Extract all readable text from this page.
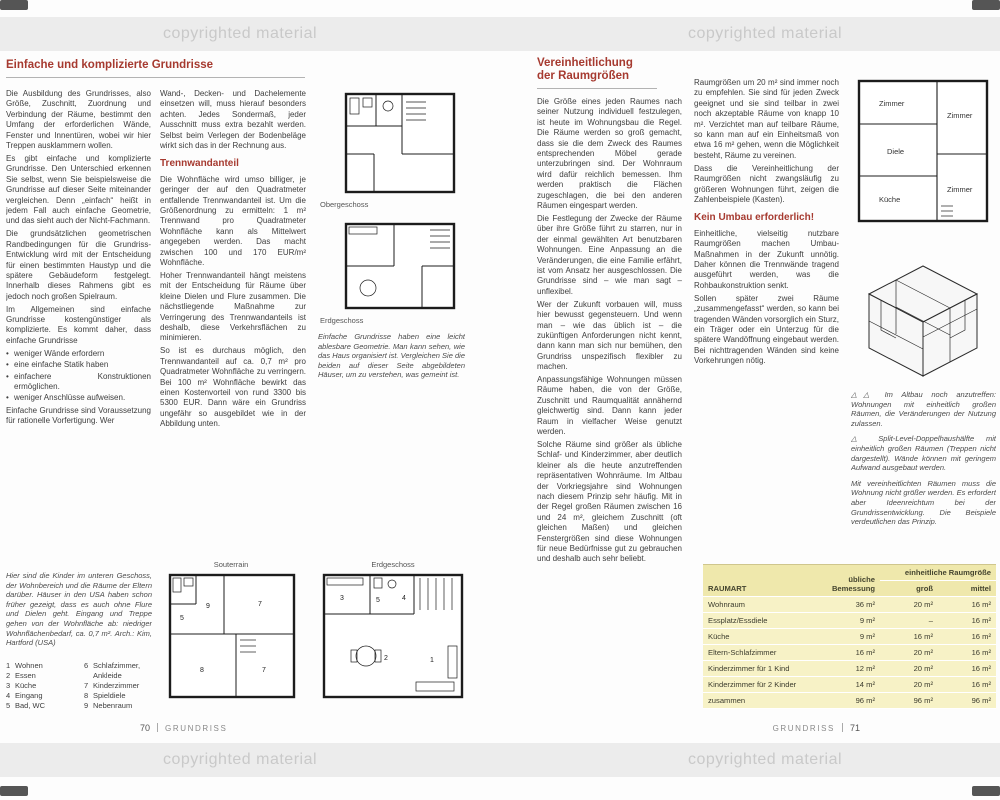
copyrighted material	copyrighted material
copyrighted material	copyrighted material
Einfache und komplizierte Grundrisse

Die Ausbildung des Grundrisses, also Größe, Zuschnitt, Zuordnung und Verbindung der Räume, bestimmt den Umfang der erforderlichen Wände, Fenster und Innentüren, wobei wir hier Treppen ausklammern wollen.

Es gibt einfache und komplizierte Grundrisse. Den Unterschied erkennen Sie selbst, wenn Sie beispielsweise die Grundrisse auf dieser Seite miteinander vergleichen. Denn „einfach“ heißt in jedem Fall auch einfache Geometrie, und das sieht auch der Nicht-Fachmann.

Die grundsätzlichen geometrischen Randbedingungen für die Grundriss-Entwicklung wird mit der Entscheidung für einen bestimmten Haustyp und die spätere Gebäudeform festgelegt. Innerhalb dieses Rahmens gibt es jedoch noch großen Spielraum.

Im Allgemeinen sind einfache Grundrisse kostengünstiger als komplizierte. Es kommt daher, dass einfache Grundrisse

• weniger Wände erfordern
• eine einfache Statik haben
• einfachere Konstruktionen ermöglichen.
• weniger Anschlüsse aufweisen.

Einfache Grundrisse sind Voraussetzung für rationelle Vorfertigung. Wer

Wand-, Decken- und Dachelemente einsetzen will, muss hierauf besonders achten. Jedes Sondermaß, jeder Ausschnitt muss extra bezahlt werden. Selbst beim Verlegen der Bodenbeläge wirkt sich das in der Rechnung aus.

Trennwandanteil

Die Wohnfläche wird umso billiger, je geringer der auf den Quadratmeter entfallende Trennwandanteil ist. Um die Größenordnung zu ermitteln: 1 m² Trennwand pro Quadratmeter Wohnfläche kann als Mittelwert angegeben werden. Das macht zwischen 100 und 170 EUR/m² Wohnfläche.

Hoher Trennwandanteil hängt meistens mit der Entscheidung für Räume über kleine Dielen und Flure zusammen. Die nächstliegende Maßnahme zur Verringerung des Trennwandanteils ist deshalb, diese Verkehrsflächen zu minimieren.

So ist es durchaus möglich, den Trennwandanteil auf ca. 0,7 m² pro Quadratmeter Wohnfläche zu verringern. Bei 100 m² Wohnfläche bewirkt das einen Kostenvorteil von rund 3300 bis 5300 EUR. Dann wäre ein Grundriss ungefähr so ausgebildet wie in der Abbildung unten.

Obergeschoss
Erdgeschoss

Einfache Grundrisse haben eine leicht ablesbare Geometrie. Man kann sehen, wie das Haus organisiert ist. Vergleichen Sie die beiden auf dieser Seite abgebildeten Häuser, um zu verstehen, was gemeint ist.

Hier sind die Kinder im unteren Geschoss, der Wohnbereich und die Räume der Eltern darüber. Häuser in den USA haben schon früher gezeigt, dass es auch ohne Flure und Dielen geht. Eingang und Treppe gehen von der Wohnfläche ab: niedriger Wohnflächenbedarf, ca. 0,7 m². Arch.: Kim, Hartford (USA)

1 Wohnen
2 Essen
3 Küche
4 Eingang
5 Bad, WC
6 Schlafzimmer, Ankleide
7 Kinderzimmer
8 Spieldiele
9 Nebenraum
Souterrain
5
9	7
8	7
Erdgeschoss
3	5	4
2	1
70 GRUNDRISS
Vereinheitlichung
der Raumgrößen

Die Größe eines jeden Raumes nach seiner Nutzung individuell festzulegen, ist heute im Wohnungsbau die Regel. Die Räume werden so groß gemacht, dass sie die dem Zweck des Raumes entsprechenden Möbel gerade unterzubringen sind. Der Wohnraum wird dafür reichlich bemessen. Ihm werden praktisch die Flächen zugeschlagen, die bei den anderen Räumen eingespart werden.

Die Festlegung der Zwecke der Räume über ihre Größe führt zu starren, nur in der einmal gewählten Art benutzbaren Wohnungen. Eine Anpassung an die Veränderungen, die eine Familie erfährt, ist vom Ansatz her ausgeschlossen. Die Grundrisse sind – wie man sagt – unflexibel.

Wer der Zukunft vorbauen will, muss hier bewusst gegensteuern. Und wenn man – wie das üblich ist – die zukünftigen Anforderungen nicht kennt, dann kann man sich nur bemühen, den Grundriss unspezifisch flexibler zu machen.

Anpassungsfähige Wohnungen müssen Räume haben, die von der Größe, Zuschnitt und Raumqualität annähernd gleichwertig sind. Dann kann jeder Raum in vielfacher Weise genutzt werden.

Solche Räume sind größer als übliche Schlaf- und Kinderzimmer, aber deutlich kleiner als die heute anzutreffenden repräsentativen Wohnräume. Im Altbau der Vorkriegsjahre sind Wohnungen nach diesem Prinzip sehr häufig. Mit in der Regel großen Räumen zwischen 16 und 24 m², gleichem Zuschnitt (oft gleichen Maßen) und gleichen Fenstergrößen sind diese Wohnungen für neue Bedürfnisse gut zu gebrauchen und deshalb auch sehr beliebt.

Raumgrößen um 20 m² sind immer noch zu empfehlen. Sie sind für jeden Zweck geeignet und sie sind teilbar in zwei noch akzeptable Räume von knapp 10 m². Verzichtet man auf teilbare Räume, so kann man auf ein Einheitsmaß von etwa 16 m² gehen, wenn die Möglichkeit besteht, Räume zu vereinen.

Dass die Vereinheitlichung der Raumgrößen nicht zwangsläufig zu größeren Wohnungen führt, zeigen die Zahlenbeispiele (Kasten).

Kein Umbau erforderlich!

Einheitliche, vielseitig nutzbare Raumgrößen machen Umbau-Maßnahmen in der Zukunft unnötig. Daher können die Trennwände tragend ausgeführt werden, was die Rohbaukonstruktion senkt.

Sollen später zwei Räume „zusammengefasst“ werden, so kann bei tragenden Wänden vorsorglich ein Sturz, ein Träger oder ein Unterzug für die spätere Wandöffnung eingebaut werden. Bei nichttragenden Wänden sind keine Vorkehrungen nötig.

Zimmer
Zimmer
Diele
Küche
Zimmer

△△ Im Altbau noch anzutreffen: Wohnungen mit einheitlich großen Räumen, die Veränderungen der Nutzung zulassen.

△ Split-Level-Doppelhaushälfte mit einheitlich großen Räumen (Treppen nicht dargestellt). Wände können mit geringem Aufwand ausgebaut werden.

Mit vereinheitlichten Räumen muss die Wohnung nicht größer werden. Es erfordert aber Ideenreichtum bei der Grundrissentwicklung. Die Beispiele verdeutlichen das Prinzip.

RAUMART	übliche Bemessung	einheitliche Raumgröße	
		groß	mittel
Wohnraum	36 m²	20 m²	16 m²
Essplatz/Essdiele	9 m²	–	16 m²
Küche	9 m²	16 m²	16 m²
Eltern-Schlafzimmer	16 m²	20 m²	16 m²
Kinderzimmer für 1 Kind	12 m²	20 m²	16 m²
Kinderzimmer für 2 Kinder	14 m²	20 m²	16 m²
zusammen	96 m²	96 m²	96 m²
GRUNDRISS 71
